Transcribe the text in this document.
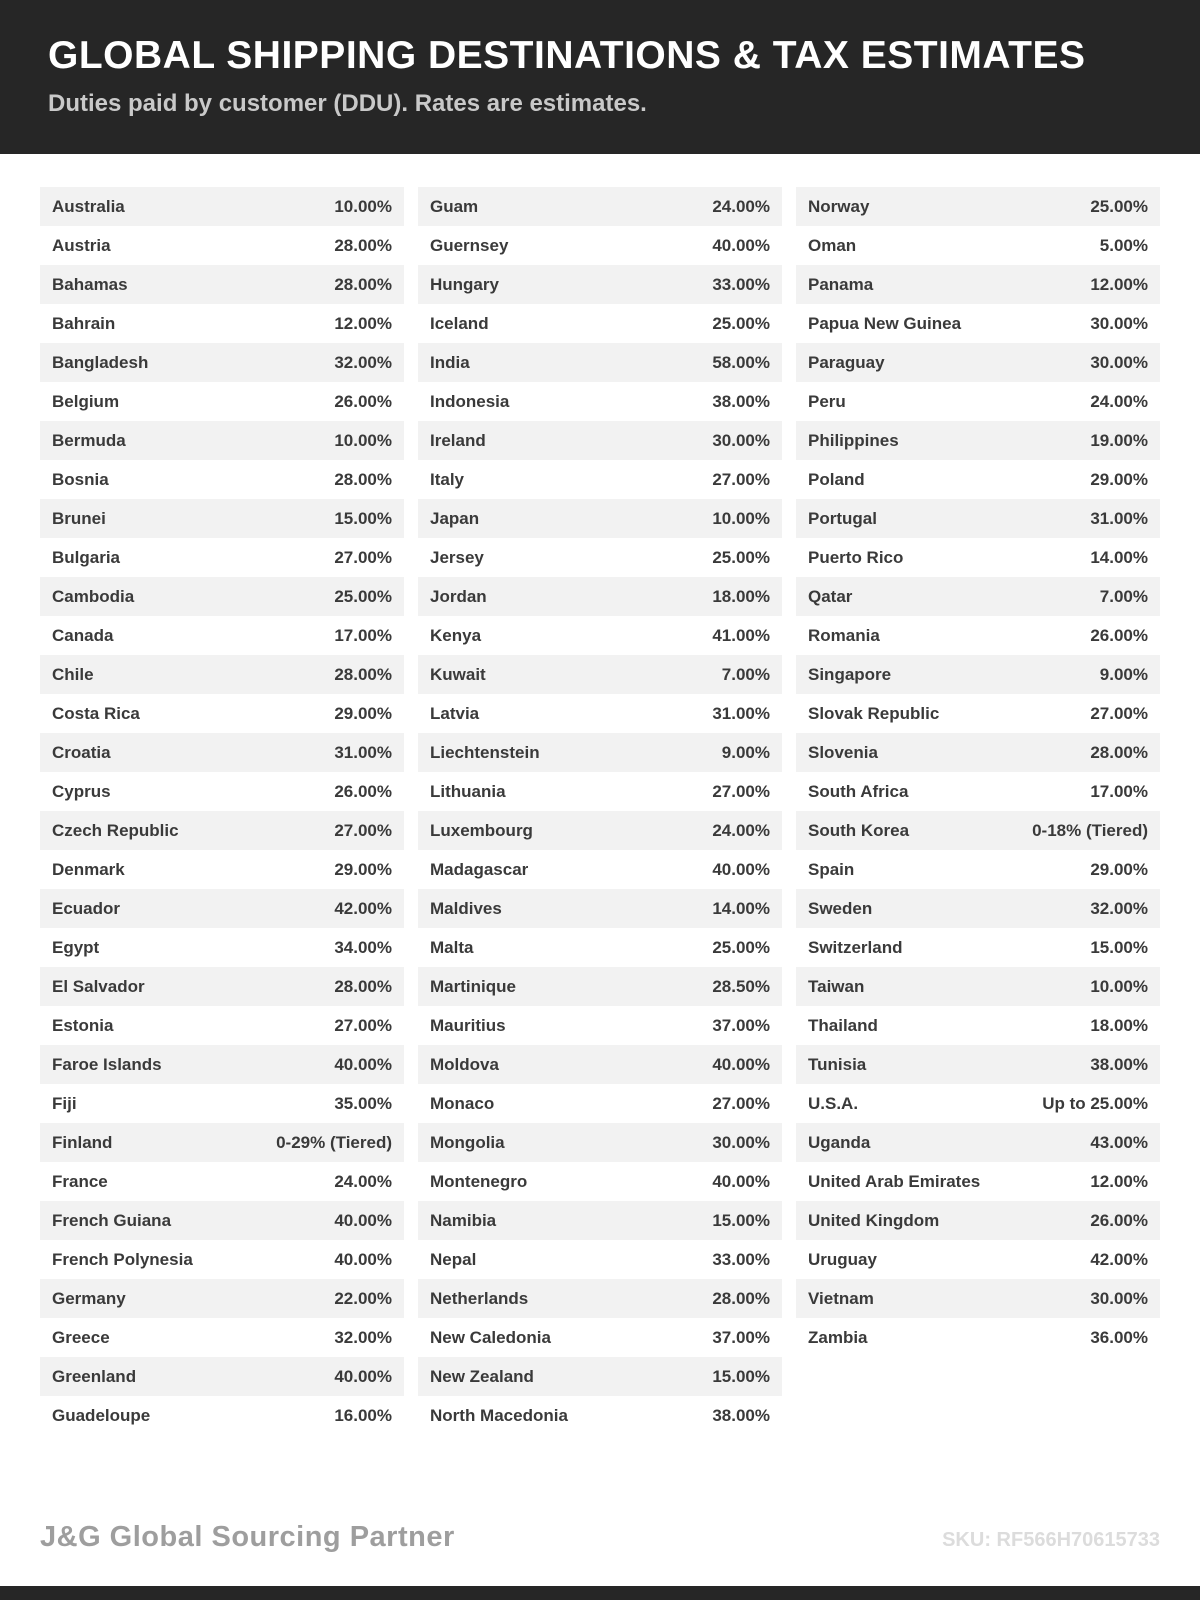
GLOBAL SHIPPING DESTINATIONS & TAX ESTIMATES
Duties paid by customer (DDU). Rates are estimates.
Australia	10.00%
Austria	28.00%
Bahamas	28.00%
Bahrain	12.00%
Bangladesh	32.00%
Belgium	26.00%
Bermuda	10.00%
Bosnia	28.00%
Brunei	15.00%
Bulgaria	27.00%
Cambodia	25.00%
Canada	17.00%
Chile	28.00%
Costa Rica	29.00%
Croatia	31.00%
Cyprus	26.00%
Czech Republic	27.00%
Denmark	29.00%
Ecuador	42.00%
Egypt	34.00%
El Salvador	28.00%
Estonia	27.00%
Faroe Islands	40.00%
Fiji	35.00%
Finland	0-29% (Tiered)
France	24.00%
French Guiana	40.00%
French Polynesia	40.00%
Germany	22.00%
Greece	32.00%
Greenland	40.00%
Guadeloupe	16.00%
Guam	24.00%
Guernsey	40.00%
Hungary	33.00%
Iceland	25.00%
India	58.00%
Indonesia	38.00%
Ireland	30.00%
Italy	27.00%
Japan	10.00%
Jersey	25.00%
Jordan	18.00%
Kenya	41.00%
Kuwait	7.00%
Latvia	31.00%
Liechtenstein	9.00%
Lithuania	27.00%
Luxembourg	24.00%
Madagascar	40.00%
Maldives	14.00%
Malta	25.00%
Martinique	28.50%
Mauritius	37.00%
Moldova	40.00%
Monaco	27.00%
Mongolia	30.00%
Montenegro	40.00%
Namibia	15.00%
Nepal	33.00%
Netherlands	28.00%
New Caledonia	37.00%
New Zealand	15.00%
North Macedonia	38.00%
Norway	25.00%
Oman	5.00%
Panama	12.00%
Papua New Guinea	30.00%
Paraguay	30.00%
Peru	24.00%
Philippines	19.00%
Poland	29.00%
Portugal	31.00%
Puerto Rico	14.00%
Qatar	7.00%
Romania	26.00%
Singapore	9.00%
Slovak Republic	27.00%
Slovenia	28.00%
South Africa	17.00%
South Korea	0-18% (Tiered)
Spain	29.00%
Sweden	32.00%
Switzerland	15.00%
Taiwan	10.00%
Thailand	18.00%
Tunisia	38.00%
U.S.A.	Up to 25.00%
Uganda	43.00%
United Arab Emirates	12.00%
United Kingdom	26.00%
Uruguay	42.00%
Vietnam	30.00%
Zambia	36.00%
J&G Global Sourcing Partner	SKU: RF566H70615733
